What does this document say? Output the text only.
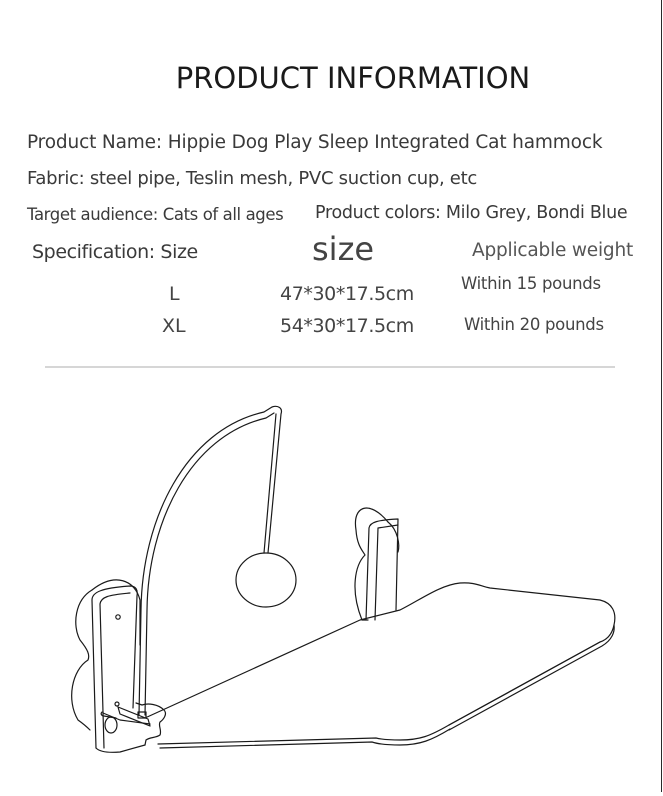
PRODUCT INFORMATION
Product Name: Hippie Dog Play Sleep Integrated Cat hammock
Fabric: steel pipe, Teslin mesh, PVC suction cup, etc
Target audience: Cats of all ages Product colors: Milo Grey, Bondi Blue
Specification: Size	size	Applicable weight
L	47*30*17.5cm	Within 15 pounds
XL	54*30*17.5cm	Within 20 pounds
